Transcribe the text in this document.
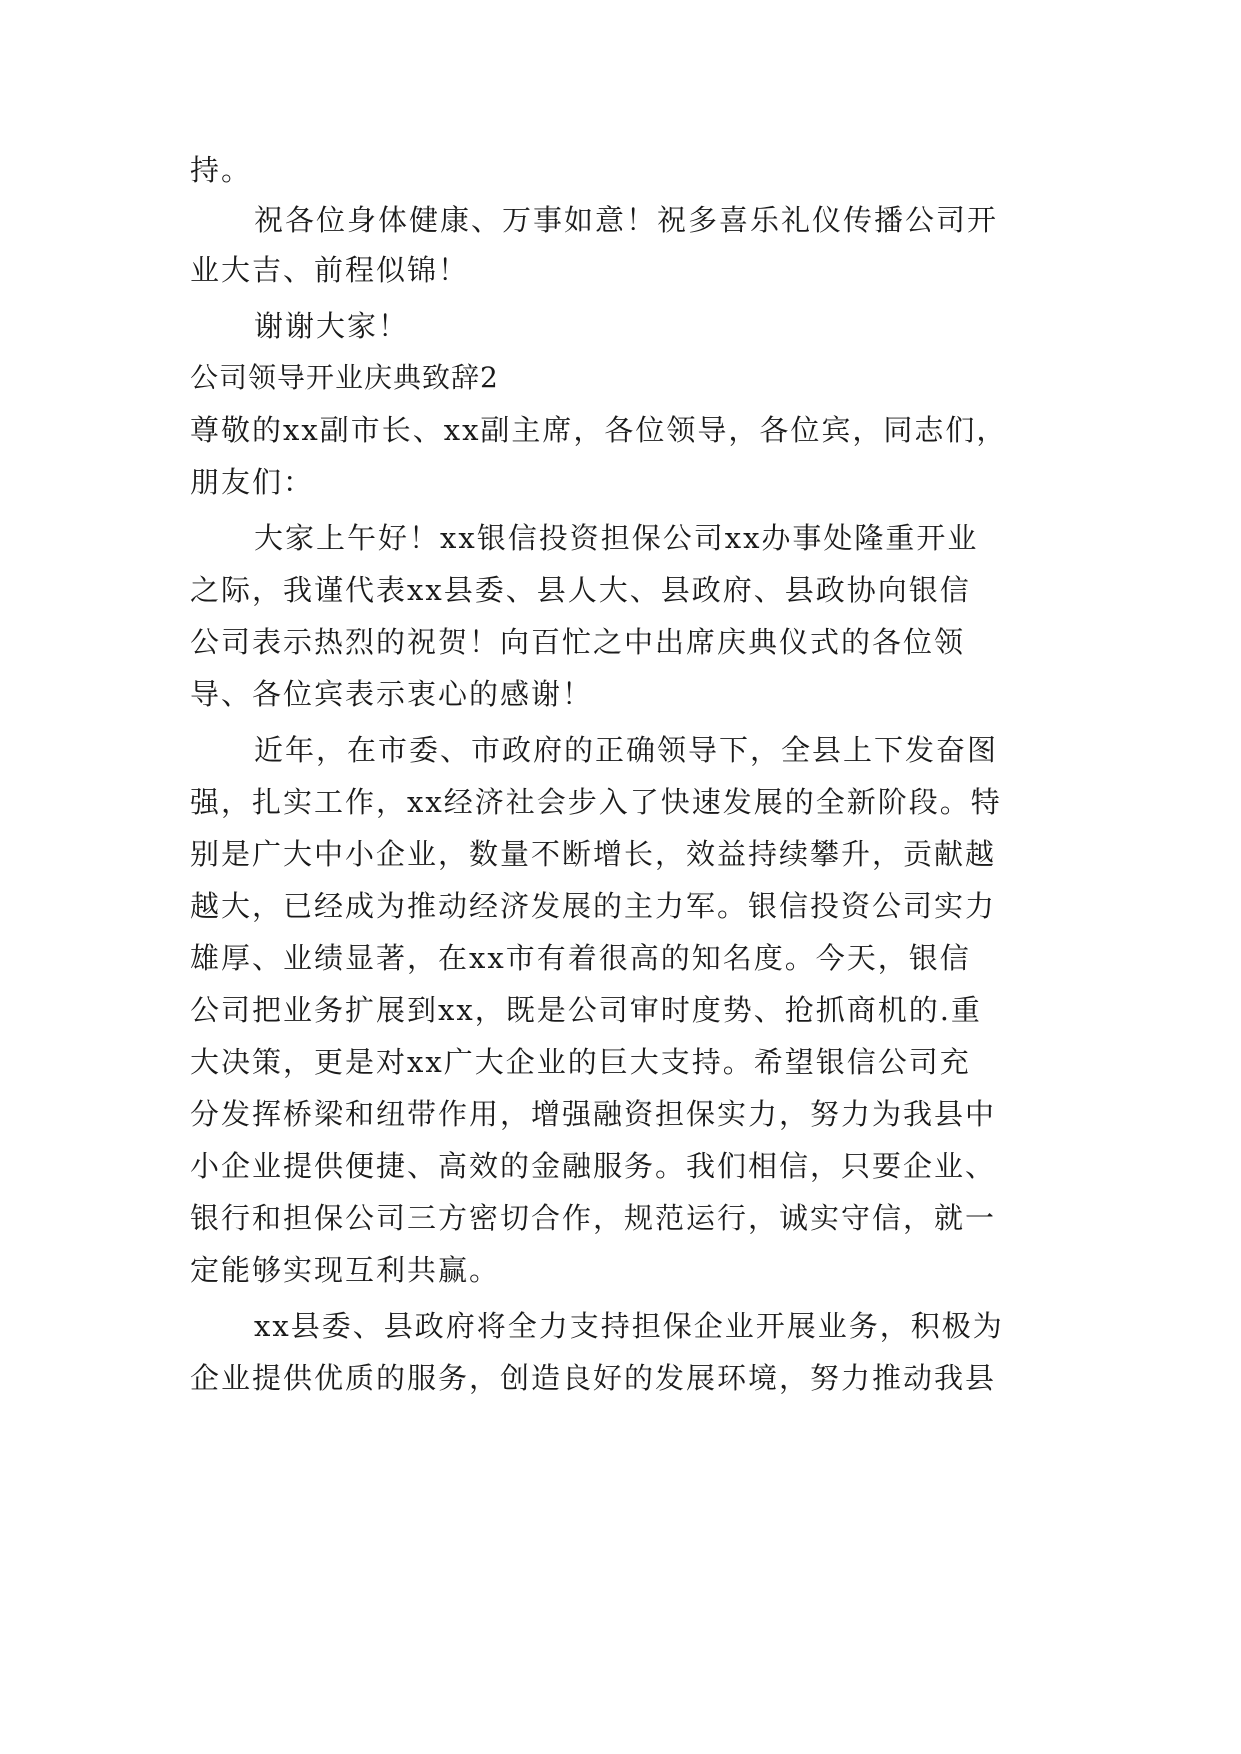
持。
祝各位身体健康、万事如意！祝多喜乐礼仪传播公司开
业大吉、前程似锦！
谢谢大家！
公司领导开业庆典致辞2
尊敬的xx副市长、xx副主席，各位领导，各位宾，同志们，
朋友们：
大家上午好！xx银信投资担保公司xx办事处隆重开业
之际，我谨代表xx县委、县人大、县政府、县政协向银信
公司表示热烈的祝贺！向百忙之中出席庆典仪式的各位领
导、各位宾表示衷心的感谢！
近年，在市委、市政府的正确领导下，全县上下发奋图
强，扎实工作，xx经济社会步入了快速发展的全新阶段。特
别是广大中小企业，数量不断增长，效益持续攀升，贡献越
越大，已经成为推动经济发展的主力军。银信投资公司实力
雄厚、业绩显著，在xx市有着很高的知名度。今天，银信
公司把业务扩展到xx，既是公司审时度势、抢抓商机的.重
大决策，更是对xx广大企业的巨大支持。希望银信公司充
分发挥桥梁和纽带作用，增强融资担保实力，努力为我县中
小企业提供便捷、高效的金融服务。我们相信，只要企业、
银行和担保公司三方密切合作，规范运行，诚实守信，就一
定能够实现互利共赢。
xx县委、县政府将全力支持担保企业开展业务，积极为
企业提供优质的服务，创造良好的发展环境，努力推动我县
